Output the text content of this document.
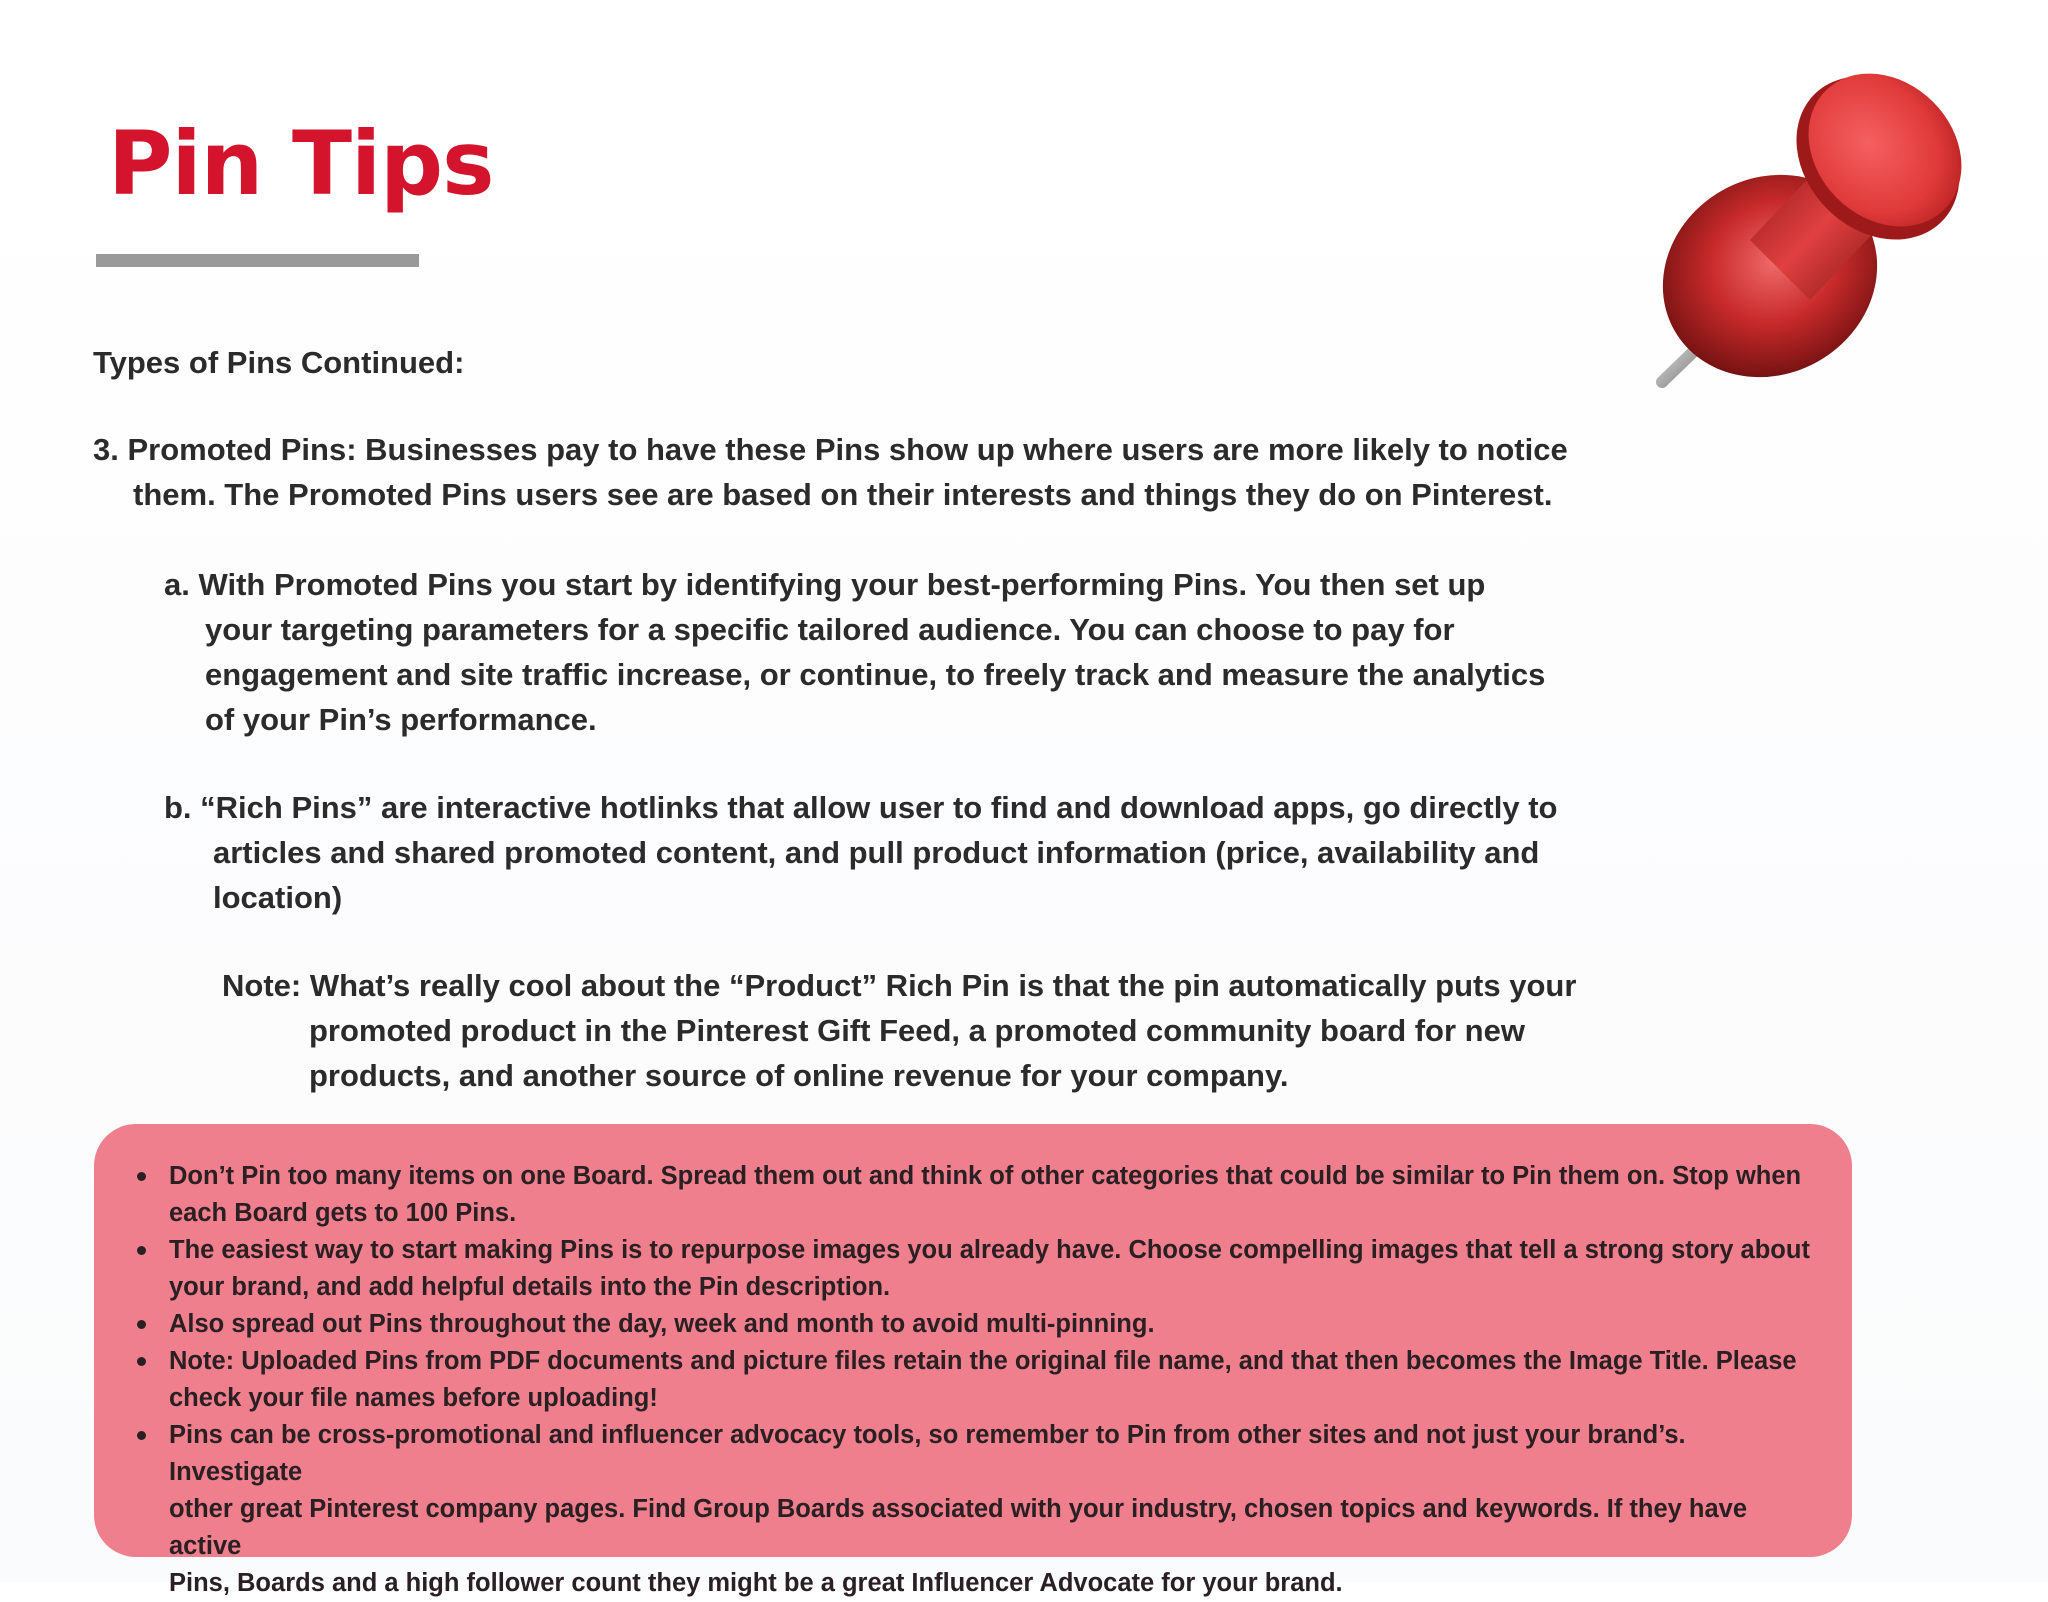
Pin Tips
Types of Pins Continued:
3. Promoted Pins: Businesses pay to have these Pins show up where users are more likely to notice
them. The Promoted Pins users see are based on their interests and things they do on Pinterest.
a. With Promoted Pins you start by identifying your best-performing Pins. You then set up
your targeting parameters for a specific tailored audience. You can choose to pay for
engagement and site traffic increase, or continue, to freely track and measure the analytics
of your Pin’s performance.
b. “Rich Pins” are interactive hotlinks that allow user to find and download apps, go directly to
articles and shared promoted content, and pull product information (price, availability and
location)
Note: What’s really cool about the “Product” Rich Pin is that the pin automatically puts your
promoted product in the Pinterest Gift Feed, a promoted community board for new
products, and another source of online revenue for your company.
Don’t Pin too many items on one Board. Spread them out and think of other categories that could be similar to Pin them on. Stop when
each Board gets to 100 Pins.
The easiest way to start making Pins is to repurpose images you already have. Choose compelling images that tell a strong story about
your brand, and add helpful details into the Pin description.
Also spread out Pins throughout the day, week and month to avoid multi-pinning.
Note: Uploaded Pins from PDF documents and picture files retain the original file name, and that then becomes the Image Title. Please
check your file names before uploading!
Pins can be cross-promotional and influencer advocacy tools, so remember to Pin from other sites and not just your brand’s. Investigate
other great Pinterest company pages. Find Group Boards associated with your industry, chosen topics and keywords. If they have active
Pins, Boards and a high follower count they might be a great Influencer Advocate for your brand.
